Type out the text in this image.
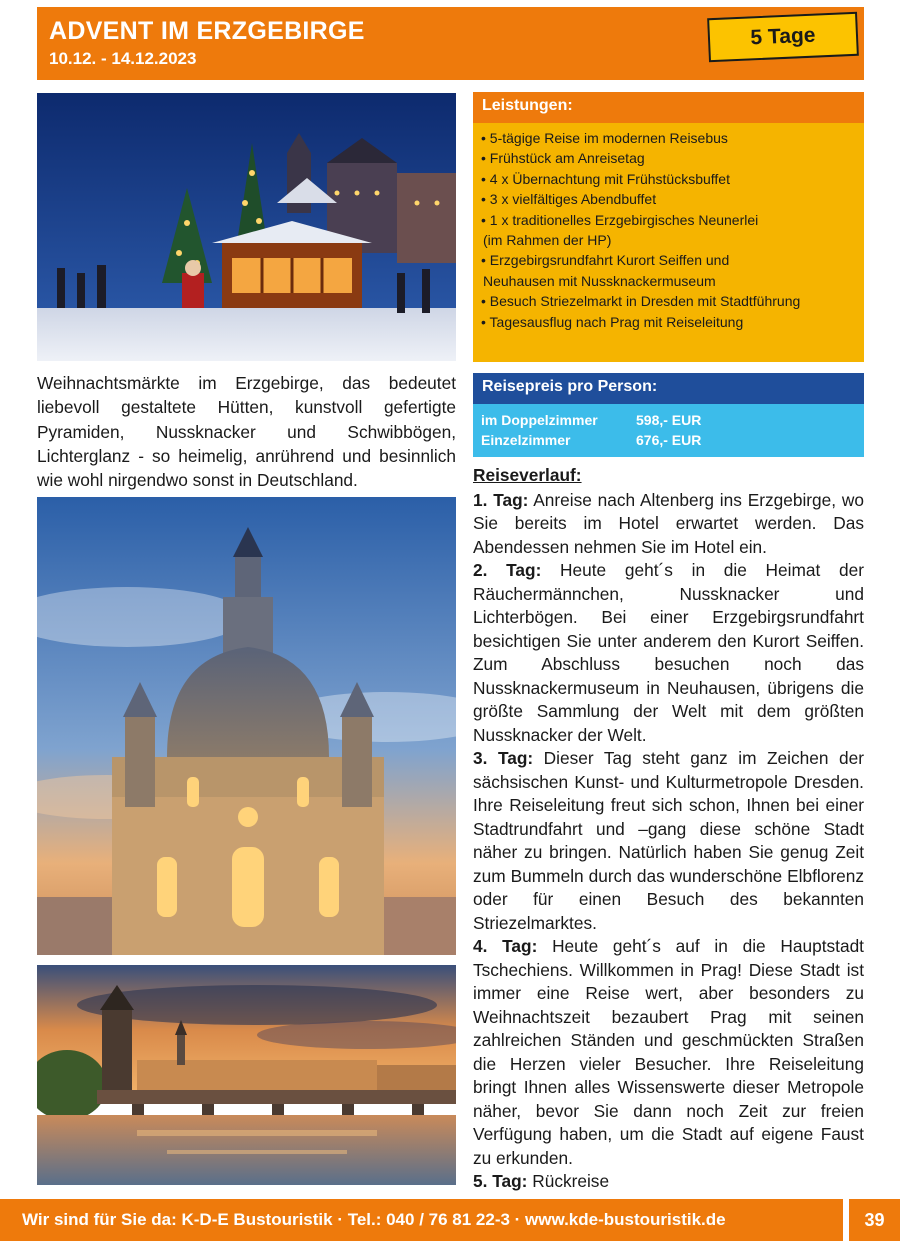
ADVENT IM ERZGEBIRGE
10.12. - 14.12.2023
5 Tage
Leistungen:
• 5-tägige Reise im modernen Reisebus
• Frühstück am Anreisetag
• 4 x Übernachtung mit Frühstücksbuffet
• 3 x vielfältiges Abendbuffet
• 1 x traditionelles Erzgebirgisches Neunerlei
(im Rahmen der HP)
• Erzgebirgsrundfahrt Kurort Seiffen und
Neuhausen mit Nussknackermuseum
• Besuch Striezelmarkt in Dresden mit Stadtführung
• Tagesausflug nach Prag mit Reiseleitung
Weihnachtsmärkte im Erzgebirge, das bedeutet liebevoll gestaltete Hütten, kunstvoll gefertigte Pyramiden, Nussknacker und Schwibbögen, Lichterglanz - so heimelig, anrührend und besinnlich wie wohl nirgendwo sonst in Deutschland.
Reisepreis pro Person:
im Doppelzimmer	598,- EUR
Einzelzimmer	676,- EUR
Reiseverlauf:

1. Tag: Anreise nach Altenberg ins Erzgebirge, wo Sie bereits im Hotel erwartet werden. Das Abendessen nehmen Sie im Hotel ein.

2. Tag: Heute geht´s in die Heimat der Räuchermännchen, Nussknacker und Lichterbögen. Bei einer Erzgebirgsrundfahrt besichtigen Sie unter anderem den Kurort Seiffen. Zum Abschluss besuchen noch das Nussknackermuseum in Neuhausen, übrigens die größte Sammlung der Welt mit dem größten Nussknacker der Welt.

3. Tag: Dieser Tag steht ganz im Zeichen der sächsischen Kunst- und Kulturmetropole Dresden. Ihre Reiseleitung freut sich schon, Ihnen bei einer Stadtrundfahrt und –gang diese schöne Stadt näher zu bringen. Natürlich haben Sie genug Zeit zum Bummeln durch das wunderschöne Elbflorenz oder für einen Besuch des bekannten Striezelmarktes.

4. Tag: Heute geht´s auf in die Hauptstadt Tschechiens. Willkommen in Prag! Diese Stadt ist immer eine Reise wert, aber besonders zu Weihnachtszeit bezaubert Prag mit seinen zahlreichen Ständen und geschmückten Straßen die Herzen vieler Besucher. Ihre Reiseleitung bringt Ihnen alles Wissenswerte dieser Metropole näher, bevor Sie dann noch Zeit zur freien Verfügung haben, um die Stadt auf eigene Faust zu erkunden.

5. Tag: Rückreise

Wir sind für Sie da: K-D-E Bustouristik · Tel.: 040 / 76 81 22-3 · www.kde-bustouristik.de	39
